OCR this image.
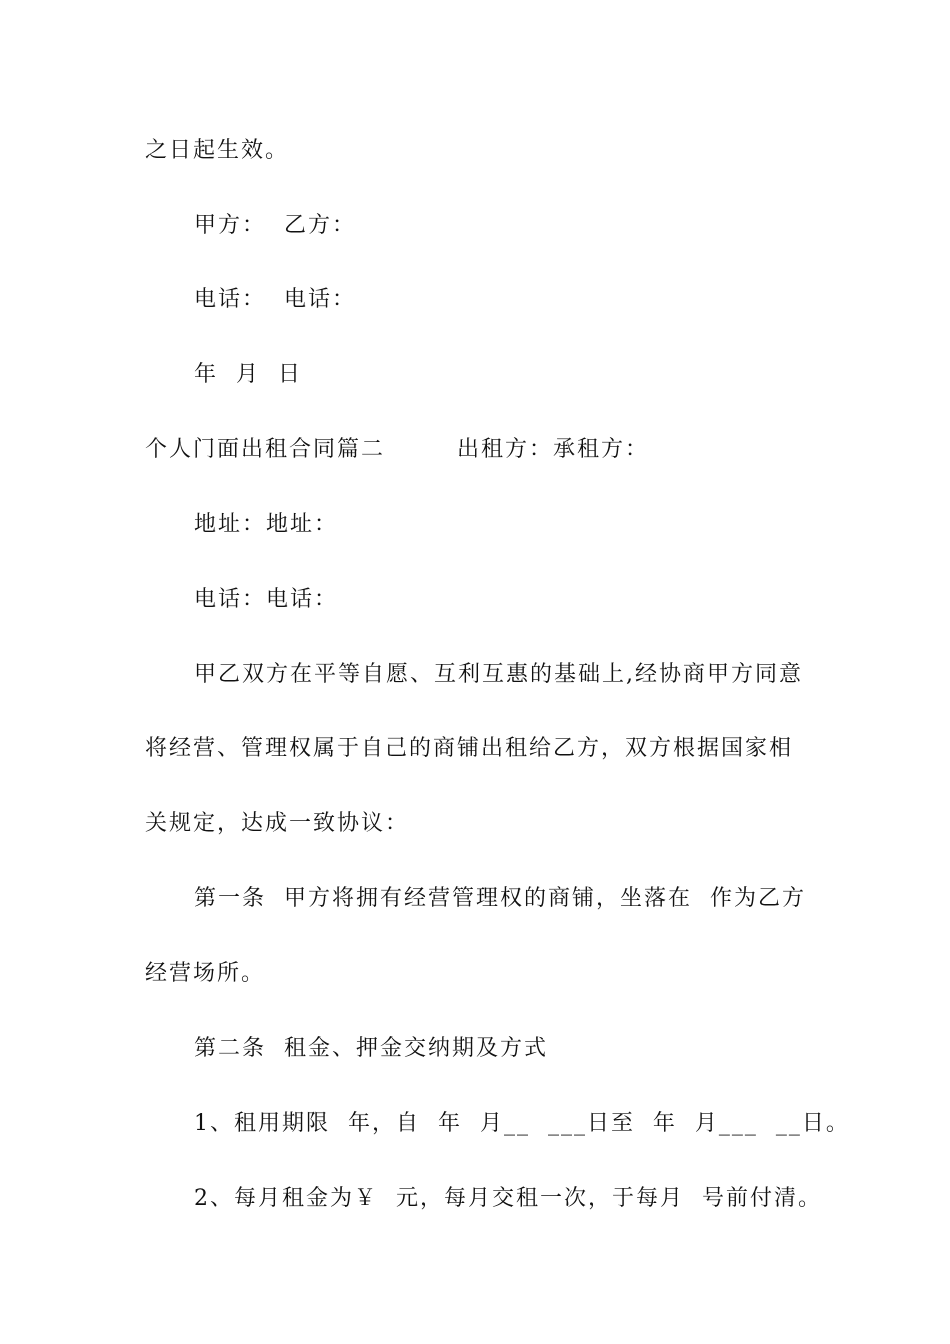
之日起生效。
甲方：  乙方：
电话：  电话：
年  月  日
个人门面出租合同篇二        出租方：承租方：
地址：地址：
电话：电话：
甲乙双方在平等自愿、互利互惠的基础上,经协商甲方同意
将经营、管理权属于自己的商铺出租给乙方，双方根据国家相
关规定，达成一致协议：
第一条  甲方将拥有经营管理权的商铺，坐落在  作为乙方
经营场所。
第二条  租金、押金交纳期及方式
1、租用期限  年，自  年  月__  ___日至  年  月___  __日。
2、每月租金为￥  元，每月交租一次，于每月  号前付清。
